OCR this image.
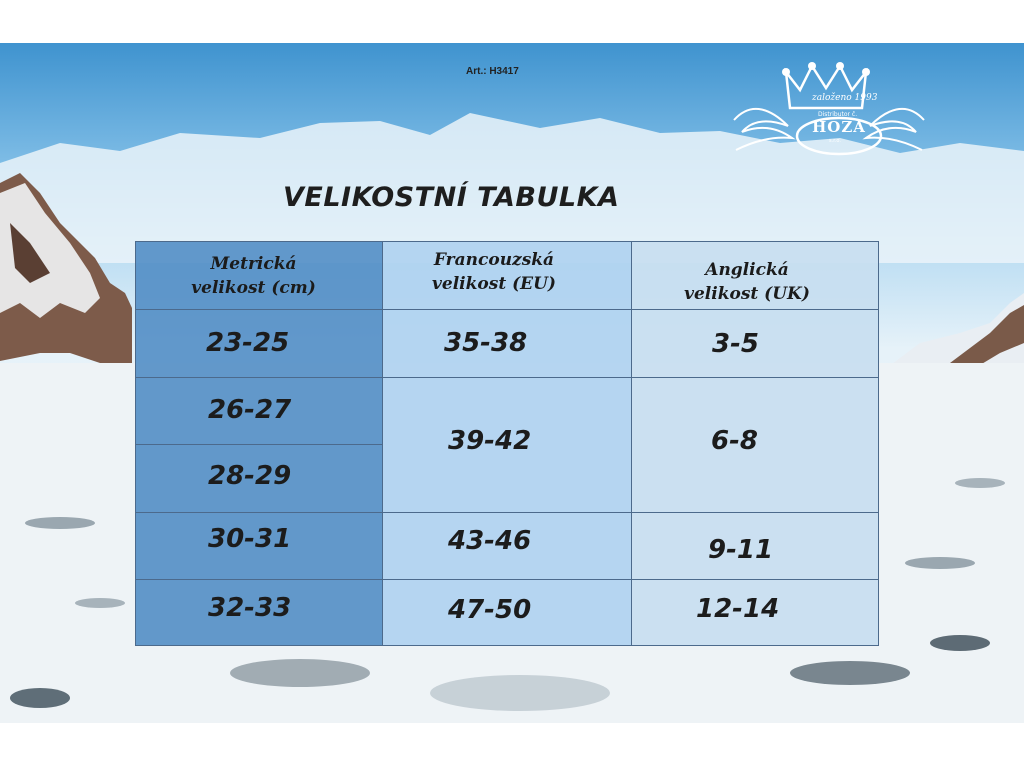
Art.: H3417
založeno 1993
Distributor č.
HOZA
s.r.o.
VELIKOSTNÍ TABULKA
Metrická
velikost (cm)
Francouzská
velikost (EU)
Anglická
velikost (UK)
23-25
26-27
28-29
30-31
32-33
35-38
39-42
43-46
47-50
3-5
6-8
9-11
12-14
